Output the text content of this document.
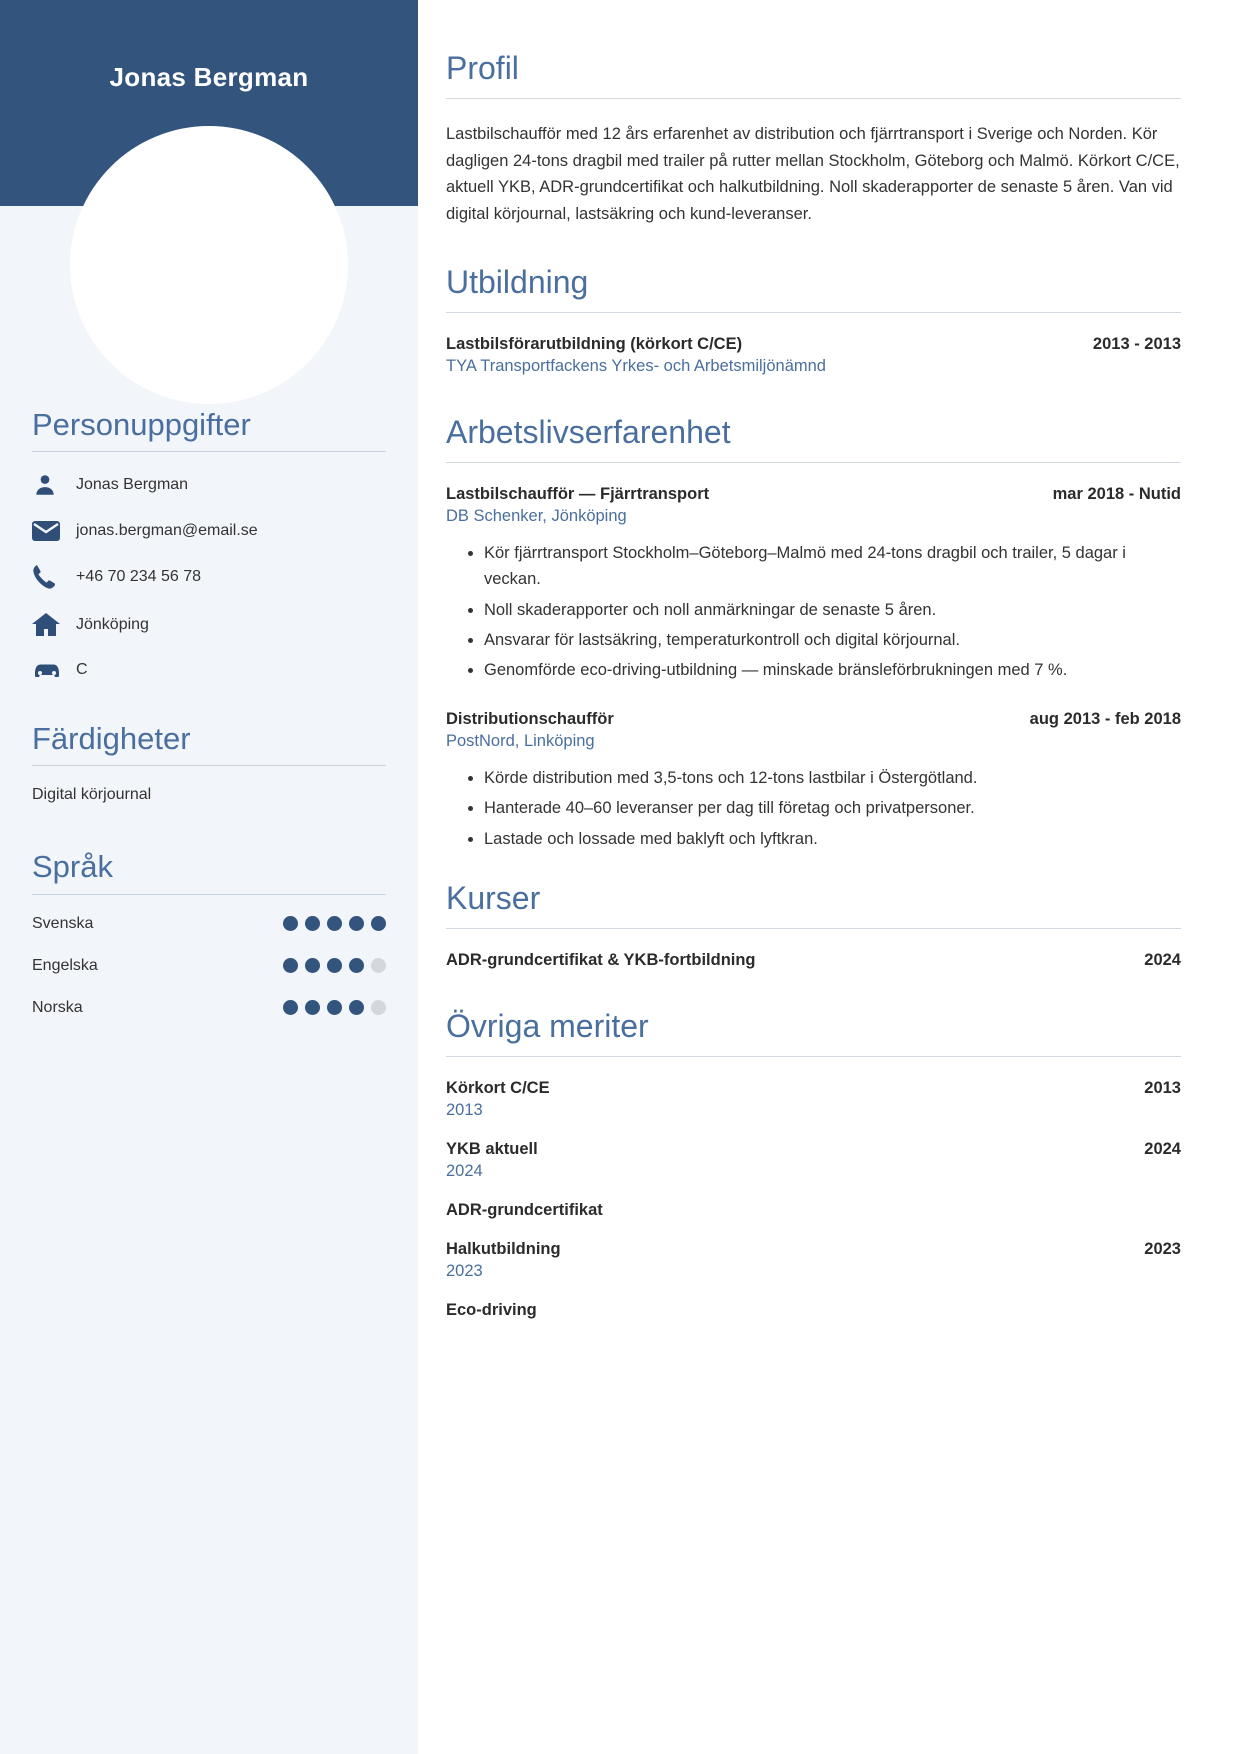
Jonas Bergman
Personuppgifter
Jonas Bergman
jonas.bergman@email.se
+46 70 234 56 78
Jönköping
C
Färdigheter
Digital körjournal
Språk
Svenska
Engelska
Norska
Profil

Lastbilschaufför med 12 års erfarenhet av distribution och fjärrtransport i Sverige och Norden. Kör dagligen 24-tons dragbil med trailer på rutter mellan Stockholm, Göteborg och Malmö. Körkort C/CE, aktuell YKB, ADR-grundcertifikat och halkutbildning. Noll skaderapporter de senaste 5 åren. Van vid digital körjournal, lastsäkring och kund-leveranser.

Utbildning
Lastbilsförarutbildning (körkort C/CE)	2013 - 2013
TYA Transportfackens Yrkes- och Arbetsmiljönämnd
Arbetslivserfarenhet
Lastbilschaufför — Fjärrtransport	mar 2018 - Nutid
DB Schenker, Jönköping
• Kör fjärrtransport Stockholm–Göteborg–Malmö med 24-tons dragbil och trailer, 5 dagar i veckan.
• Noll skaderapporter och noll anmärkningar de senaste 5 åren.
• Ansvarar för lastsäkring, temperaturkontroll och digital körjournal.
• Genomförde eco-driving-utbildning — minskade bränsleförbrukningen med 7 %.
Distributionschaufför	aug 2013 - feb 2018
PostNord, Linköping
• Körde distribution med 3,5-tons och 12-tons lastbilar i Östergötland.
• Hanterade 40–60 leveranser per dag till företag och privatpersoner.
• Lastade och lossade med baklyft och lyftkran.
Kurser
ADR-grundcertifikat & YKB-fortbildning	2024
Övriga meriter
Körkort C/CE	2013
2013
YKB aktuell	2024
2024
ADR-grundcertifikat
Halkutbildning	2023
2023
Eco-driving
